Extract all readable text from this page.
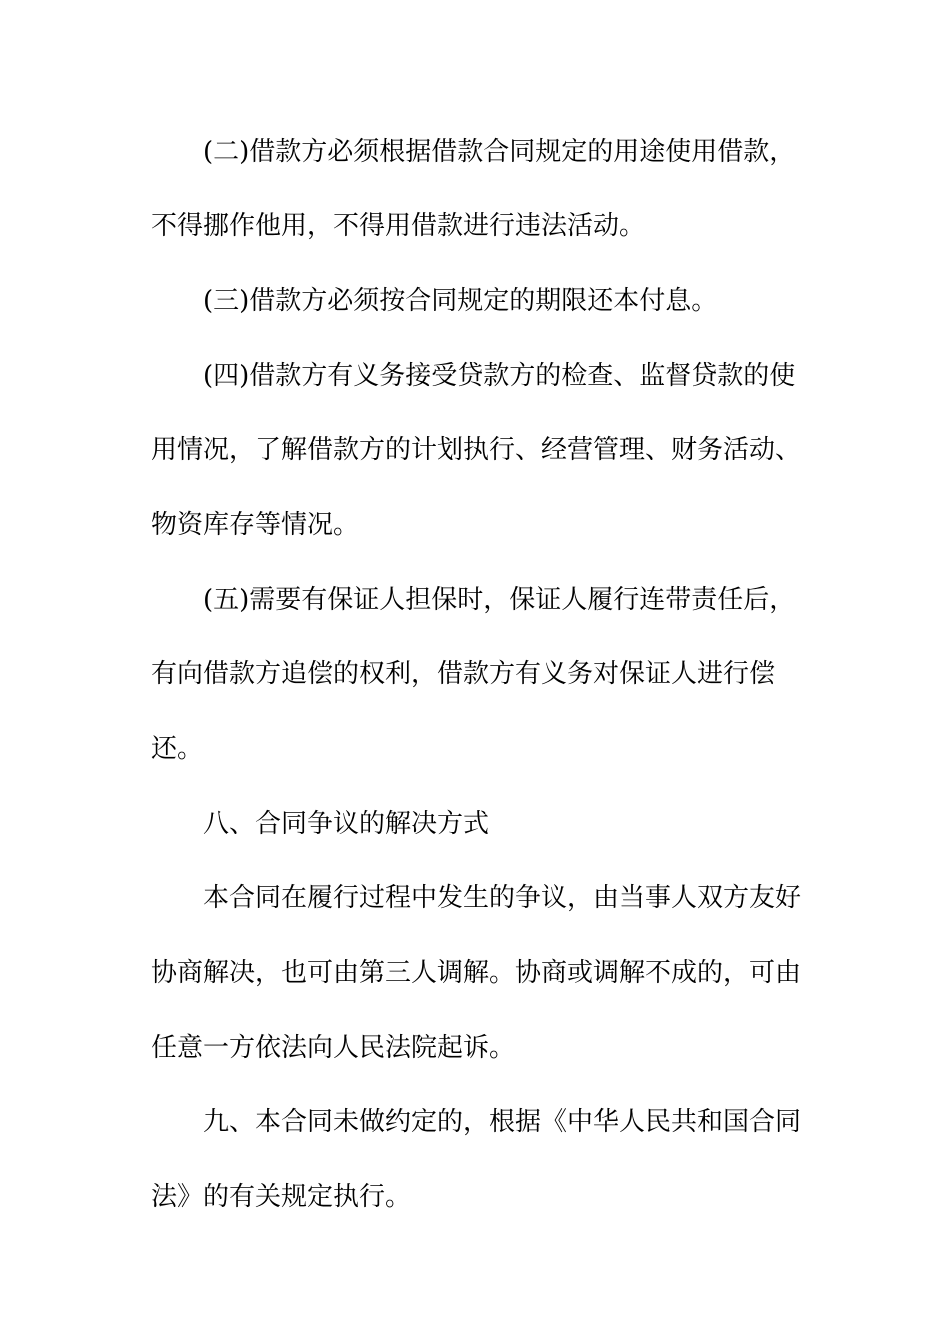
(二)借款方必须根据借款合同规定的用途使用借款，
不得挪作他用，不得用借款进行违法活动。
(三)借款方必须按合同规定的期限还本付息。
(四)借款方有义务接受贷款方的检查、监督贷款的使
用情况，了解借款方的计划执行、经营管理、财务活动、
物资库存等情况。
(五)需要有保证人担保时，保证人履行连带责任后，
有向借款方追偿的权利，借款方有义务对保证人进行偿
还。
八、合同争议的解决方式
本合同在履行过程中发生的争议，由当事人双方友好
协商解决，也可由第三人调解。协商或调解不成的，可由
任意一方依法向人民法院起诉。
九、本合同未做约定的，根据《中华人民共和国合同
法》的有关规定执行。
